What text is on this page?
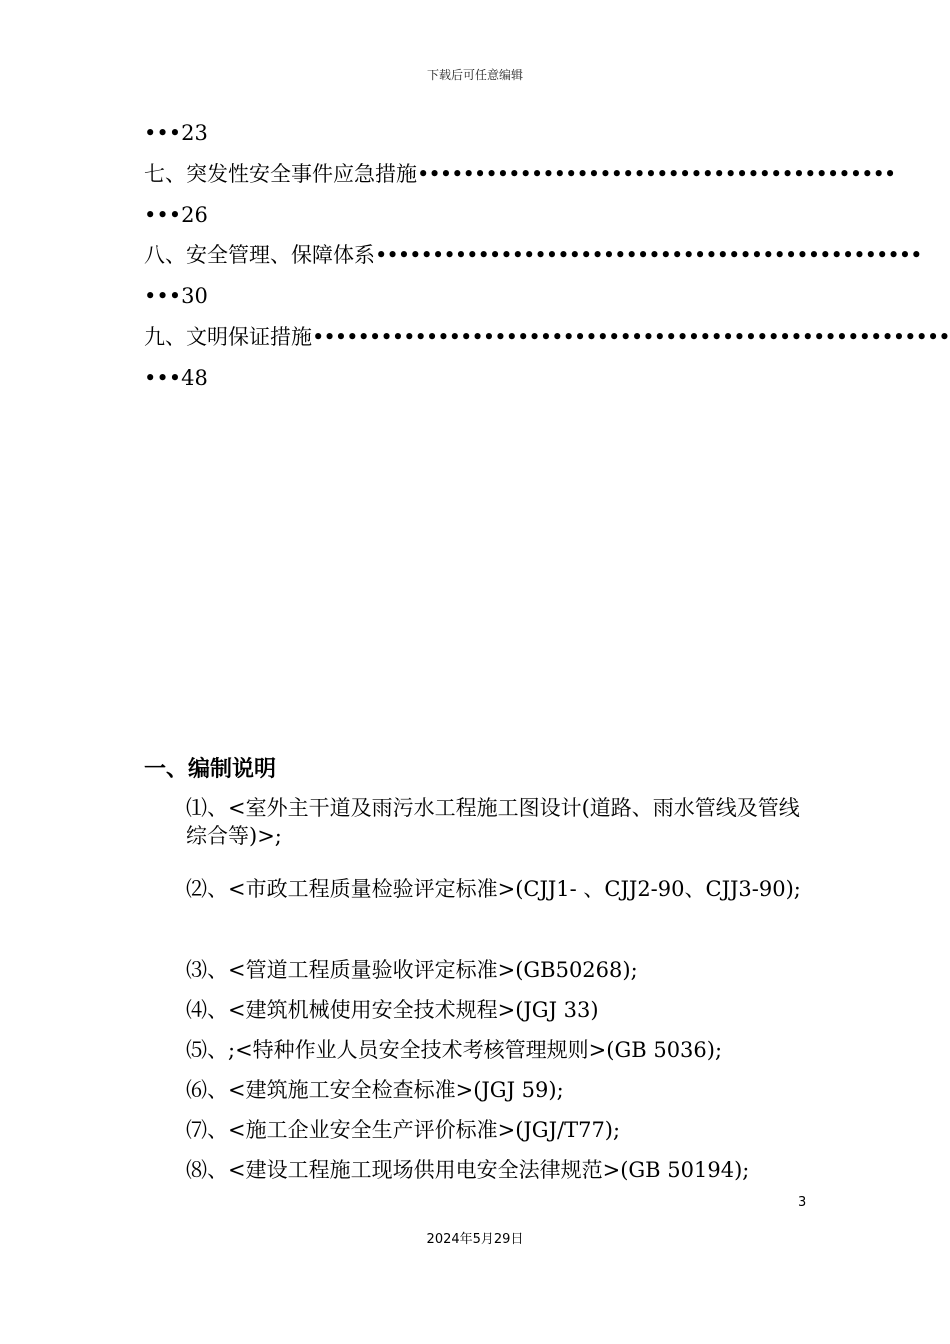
下载后可任意编辑
•••23
七、突发性安全事件应急措施••••••••••••••••••••••••••••••••••••••••••
•••26
八、安全管理、保障体系••••••••••••••••••••••••••••••••••••••••••••••••
•••30
九、文明保证措施••••••••••••••••••••••••••••••••••••••••••••••••••••••••
•••48
一、编制说明
⑴、<室外主干道及雨污水工程施工图设计(道路、雨水管线及管线综合等)>;
⑵、<市政工程质量检验评定标准>(CJJ1- 、CJJ2-90、CJJ3-90);
⑶、<管道工程质量验收评定标准>(GB50268);
⑷、<建筑机械使用安全技术规程>(JGJ 33)
⑸、;<特种作业人员安全技术考核管理规则>(GB 5036);
⑹、<建筑施工安全检查标准>(JGJ 59);
⑺、<施工企业安全生产评价标准>(JGJ/T77);
⑻、<建设工程施工现场供用电安全法律规范>(GB 50194);
3
2024年5月29日
